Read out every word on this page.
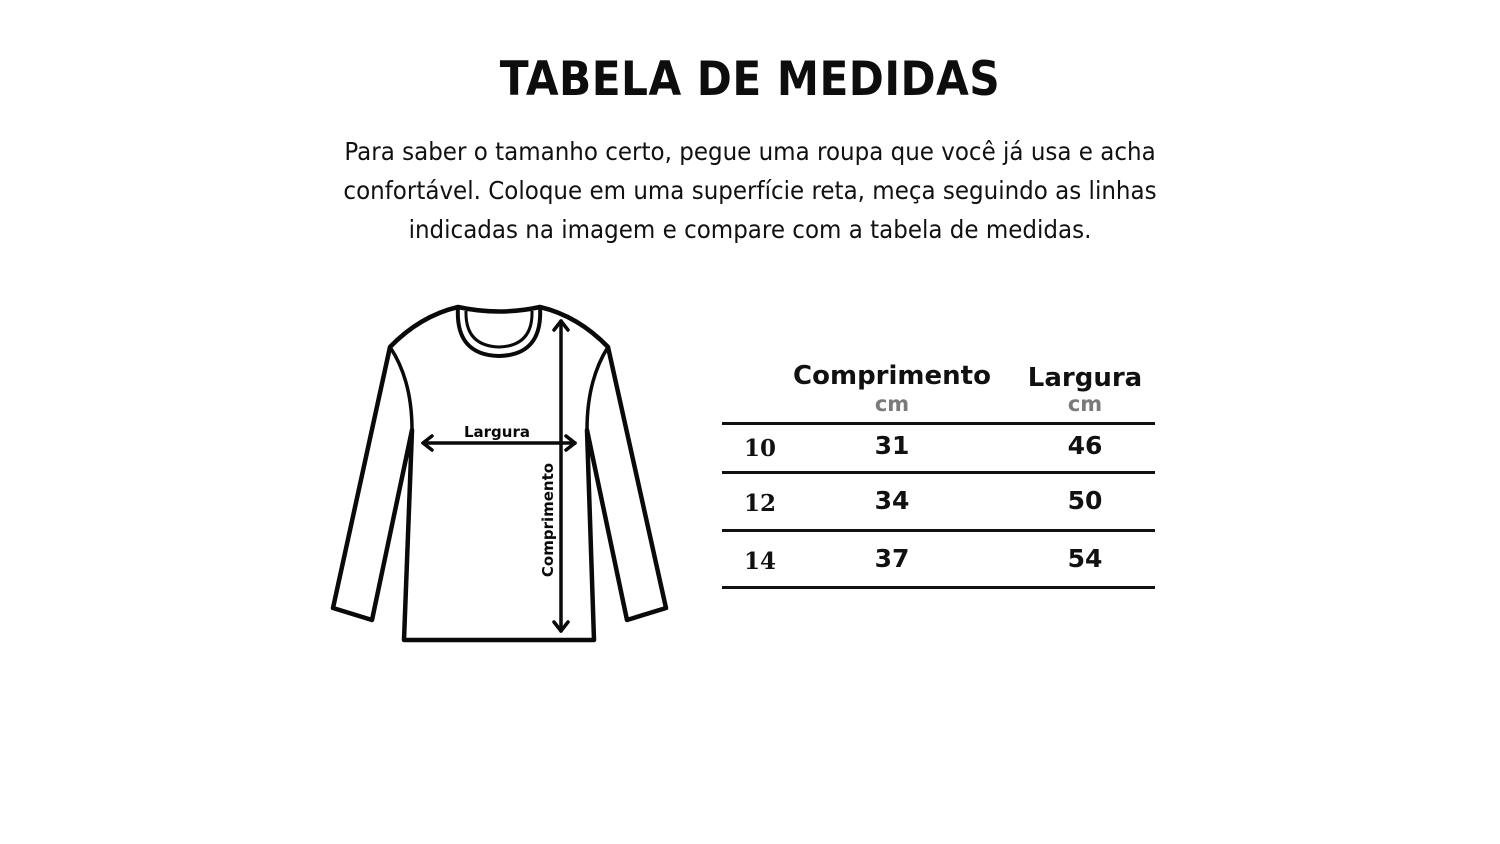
TABELA DE MEDIDAS
Para saber o tamanho certo, pegue uma roupa que você já usa e acha
confortável. Coloque em uma superfície reta, meça seguindo as linhas
indicadas na imagem e compare com a tabela de medidas.
Largura
Comprimento
Comprimento
cm
Largura
cm
10	31	46
12	34	50
14	37	54
